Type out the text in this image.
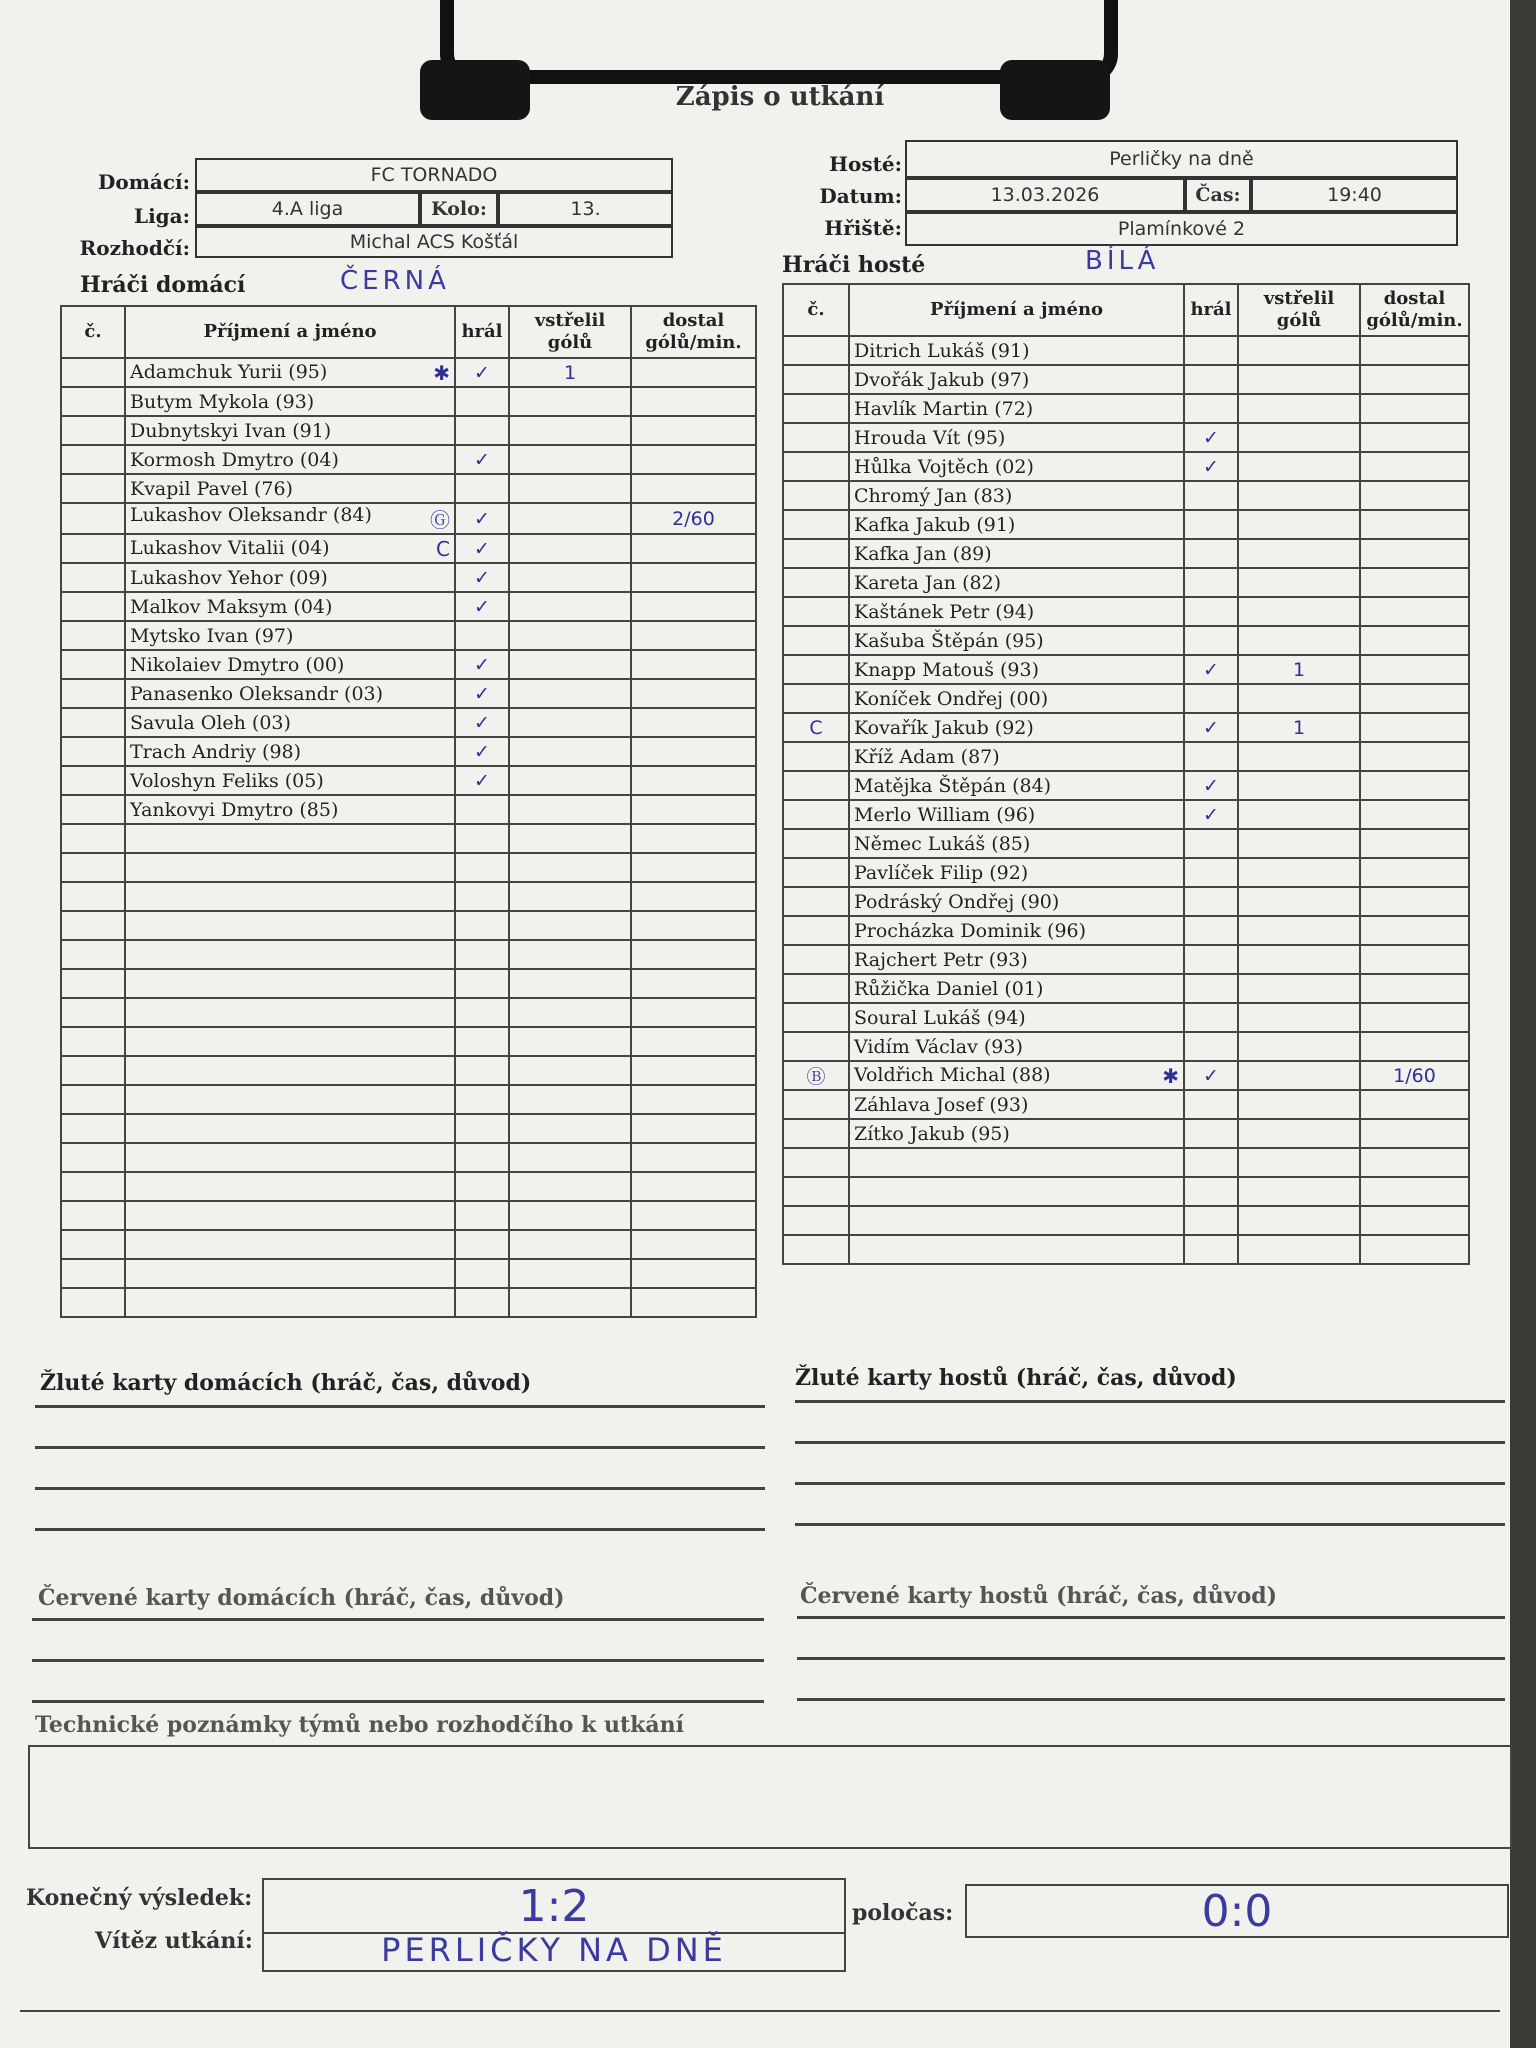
Zápis o utkání
Domácí:	FC TORNADO
Liga:	4.A liga	Kolo:	13.
Rozhodčí:	Michal ACS Košťál
Hosté:	Perličky na dně
Datum:	13.03.2026	Čas:	19:40
Hřiště:	Plamínkové 2
Hráči domácí	ČERNÁ
Hráči hosté	BÍLÁ
č.	Příjmení a jméno	hrál	vstřelil gólů	dostal gólů/min.
	Adamchuk Yurii (95) ✱	✓	1	
	Butym Mykola (93)			
	Dubnytskyi Ivan (91)			
	Kormosh Dmytro (04)	✓		
	Kvapil Pavel (76)			
	Lukashov Oleksandr (84) Ⓖ	✓		2/60
	Lukashov Vitalii (04) C	✓		
	Lukashov Yehor (09)	✓		
	Malkov Maksym (04)	✓		
	Mytsko Ivan (97)			
	Nikolaiev Dmytro (00)	✓		
	Panasenko Oleksandr (03)	✓		
	Savula Oleh (03)	✓		
	Trach Andriy (98)	✓		
	Voloshyn Feliks (05)	✓		
	Yankovyi Dmytro (85)			

č.	Příjmení a jméno	hrál	vstřelil gólů	dostal gólů/min.
	Ditrich Lukáš (91)			
	Dvořák Jakub (97)			
	Havlík Martin (72)			
	Hrouda Vít (95)	✓		
	Hůlka Vojtěch (02)	✓		
	Chromý Jan (83)			
	Kafka Jakub (91)			
	Kafka Jan (89)			
	Kareta Jan (82)			
	Kaštánek Petr (94)			
	Kašuba Štěpán (95)			
	Knapp Matouš (93)	✓	1	
	Koníček Ondřej (00)			
C	Kovařík Jakub (92)	✓	1	
	Kříž Adam (87)			
	Matějka Štěpán (84)	✓		
	Merlo William (96)	✓		
	Němec Lukáš (85)			
	Pavlíček Filip (92)			
	Podráský Ondřej (90)			
	Procházka Dominik (96)			
	Rajchert Petr (93)			
	Růžička Daniel (01)			
	Soural Lukáš (94)			
	Vidím Václav (93)			
Ⓑ	Voldřich Michal (88) ✱	✓		1/60
	Záhlava Josef (93)			
	Zítko Jakub (95)			

Žluté karty domácích (hráč, čas, důvod)	Žluté karty hostů (hráč, čas, důvod)
Červené karty domácích (hráč, čas, důvod)	Červené karty hostů (hráč, čas, důvod)
Technické poznámky týmů nebo rozhodčího k utkání
Konečný výsledek:	1:2	poločas:	0:0
Vítěz utkání:	PERLIČKY NA DNĚ
